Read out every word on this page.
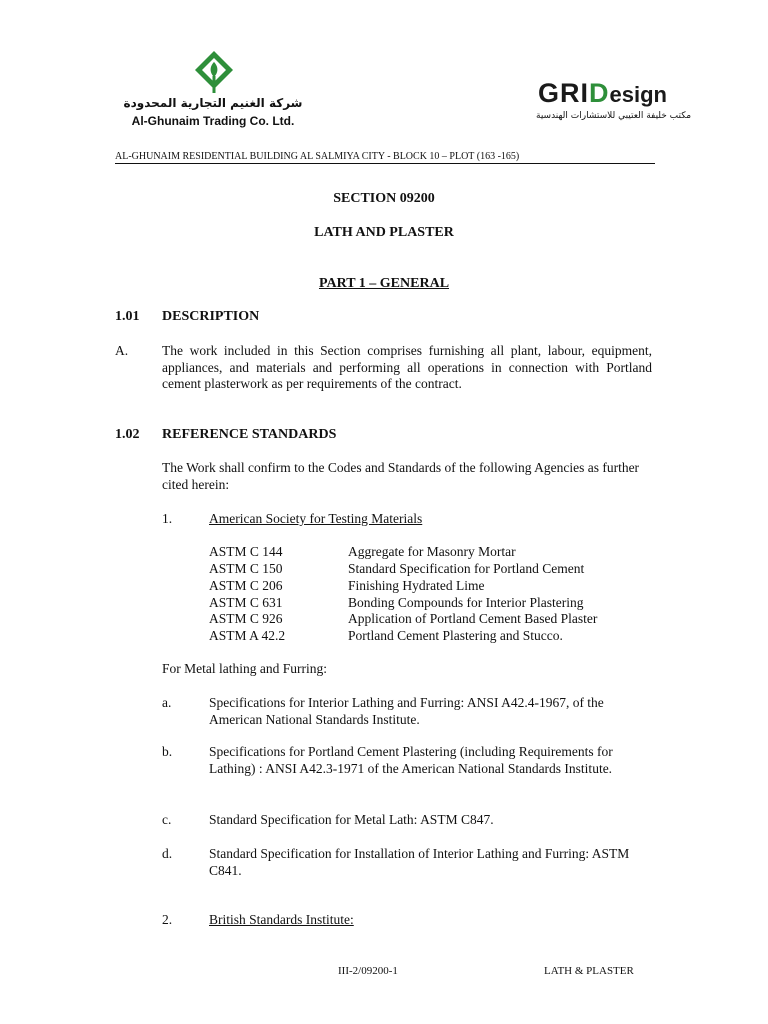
شركة الغنيم التجارية المحدودة
Al-Ghunaim Trading Co. Ltd.
GRIDesign
مكتب خليفة العتيبي للاستشارات الهندسية
AL-GHUNAIM RESIDENTIAL BUILDING AL SALMIYA CITY - BLOCK 10 – PLOT (163 -165)
SECTION 09200
LATH AND PLASTER
PART 1 – GENERAL
1.01 DESCRIPTION
A.	The work included in this Section comprises furnishing all plant, labour, equipment, appliances, and materials and performing all operations in connection with Portland cement plasterwork as per requirements of the contract.
1.02 REFERENCE STANDARDS
The Work shall confirm to the Codes and Standards of the following Agencies as further cited herein:
1.	American Society for Testing Materials
ASTM C 144	Aggregate for Masonry Mortar
ASTM C 150	Standard Specification for Portland Cement
ASTM C 206	Finishing Hydrated Lime
ASTM C 631	Bonding Compounds for Interior Plastering
ASTM C 926	Application of Portland Cement Based Plaster
ASTM A 42.2	Portland Cement Plastering and Stucco.
For Metal lathing and Furring:
a.	Specifications for Interior Lathing and Furring: ANSI A42.4-1967, of the American National Standards Institute.
b.	Specifications for Portland Cement Plastering (including Requirements for Lathing) : ANSI A42.3-1971 of the American National Standards Institute.
c.	Standard Specification for Metal Lath: ASTM C847.
d.	Standard Specification for Installation of Interior Lathing and Furring: ASTM C841.
2.	British Standards Institute:
III-2/09200-1	LATH & PLASTER
